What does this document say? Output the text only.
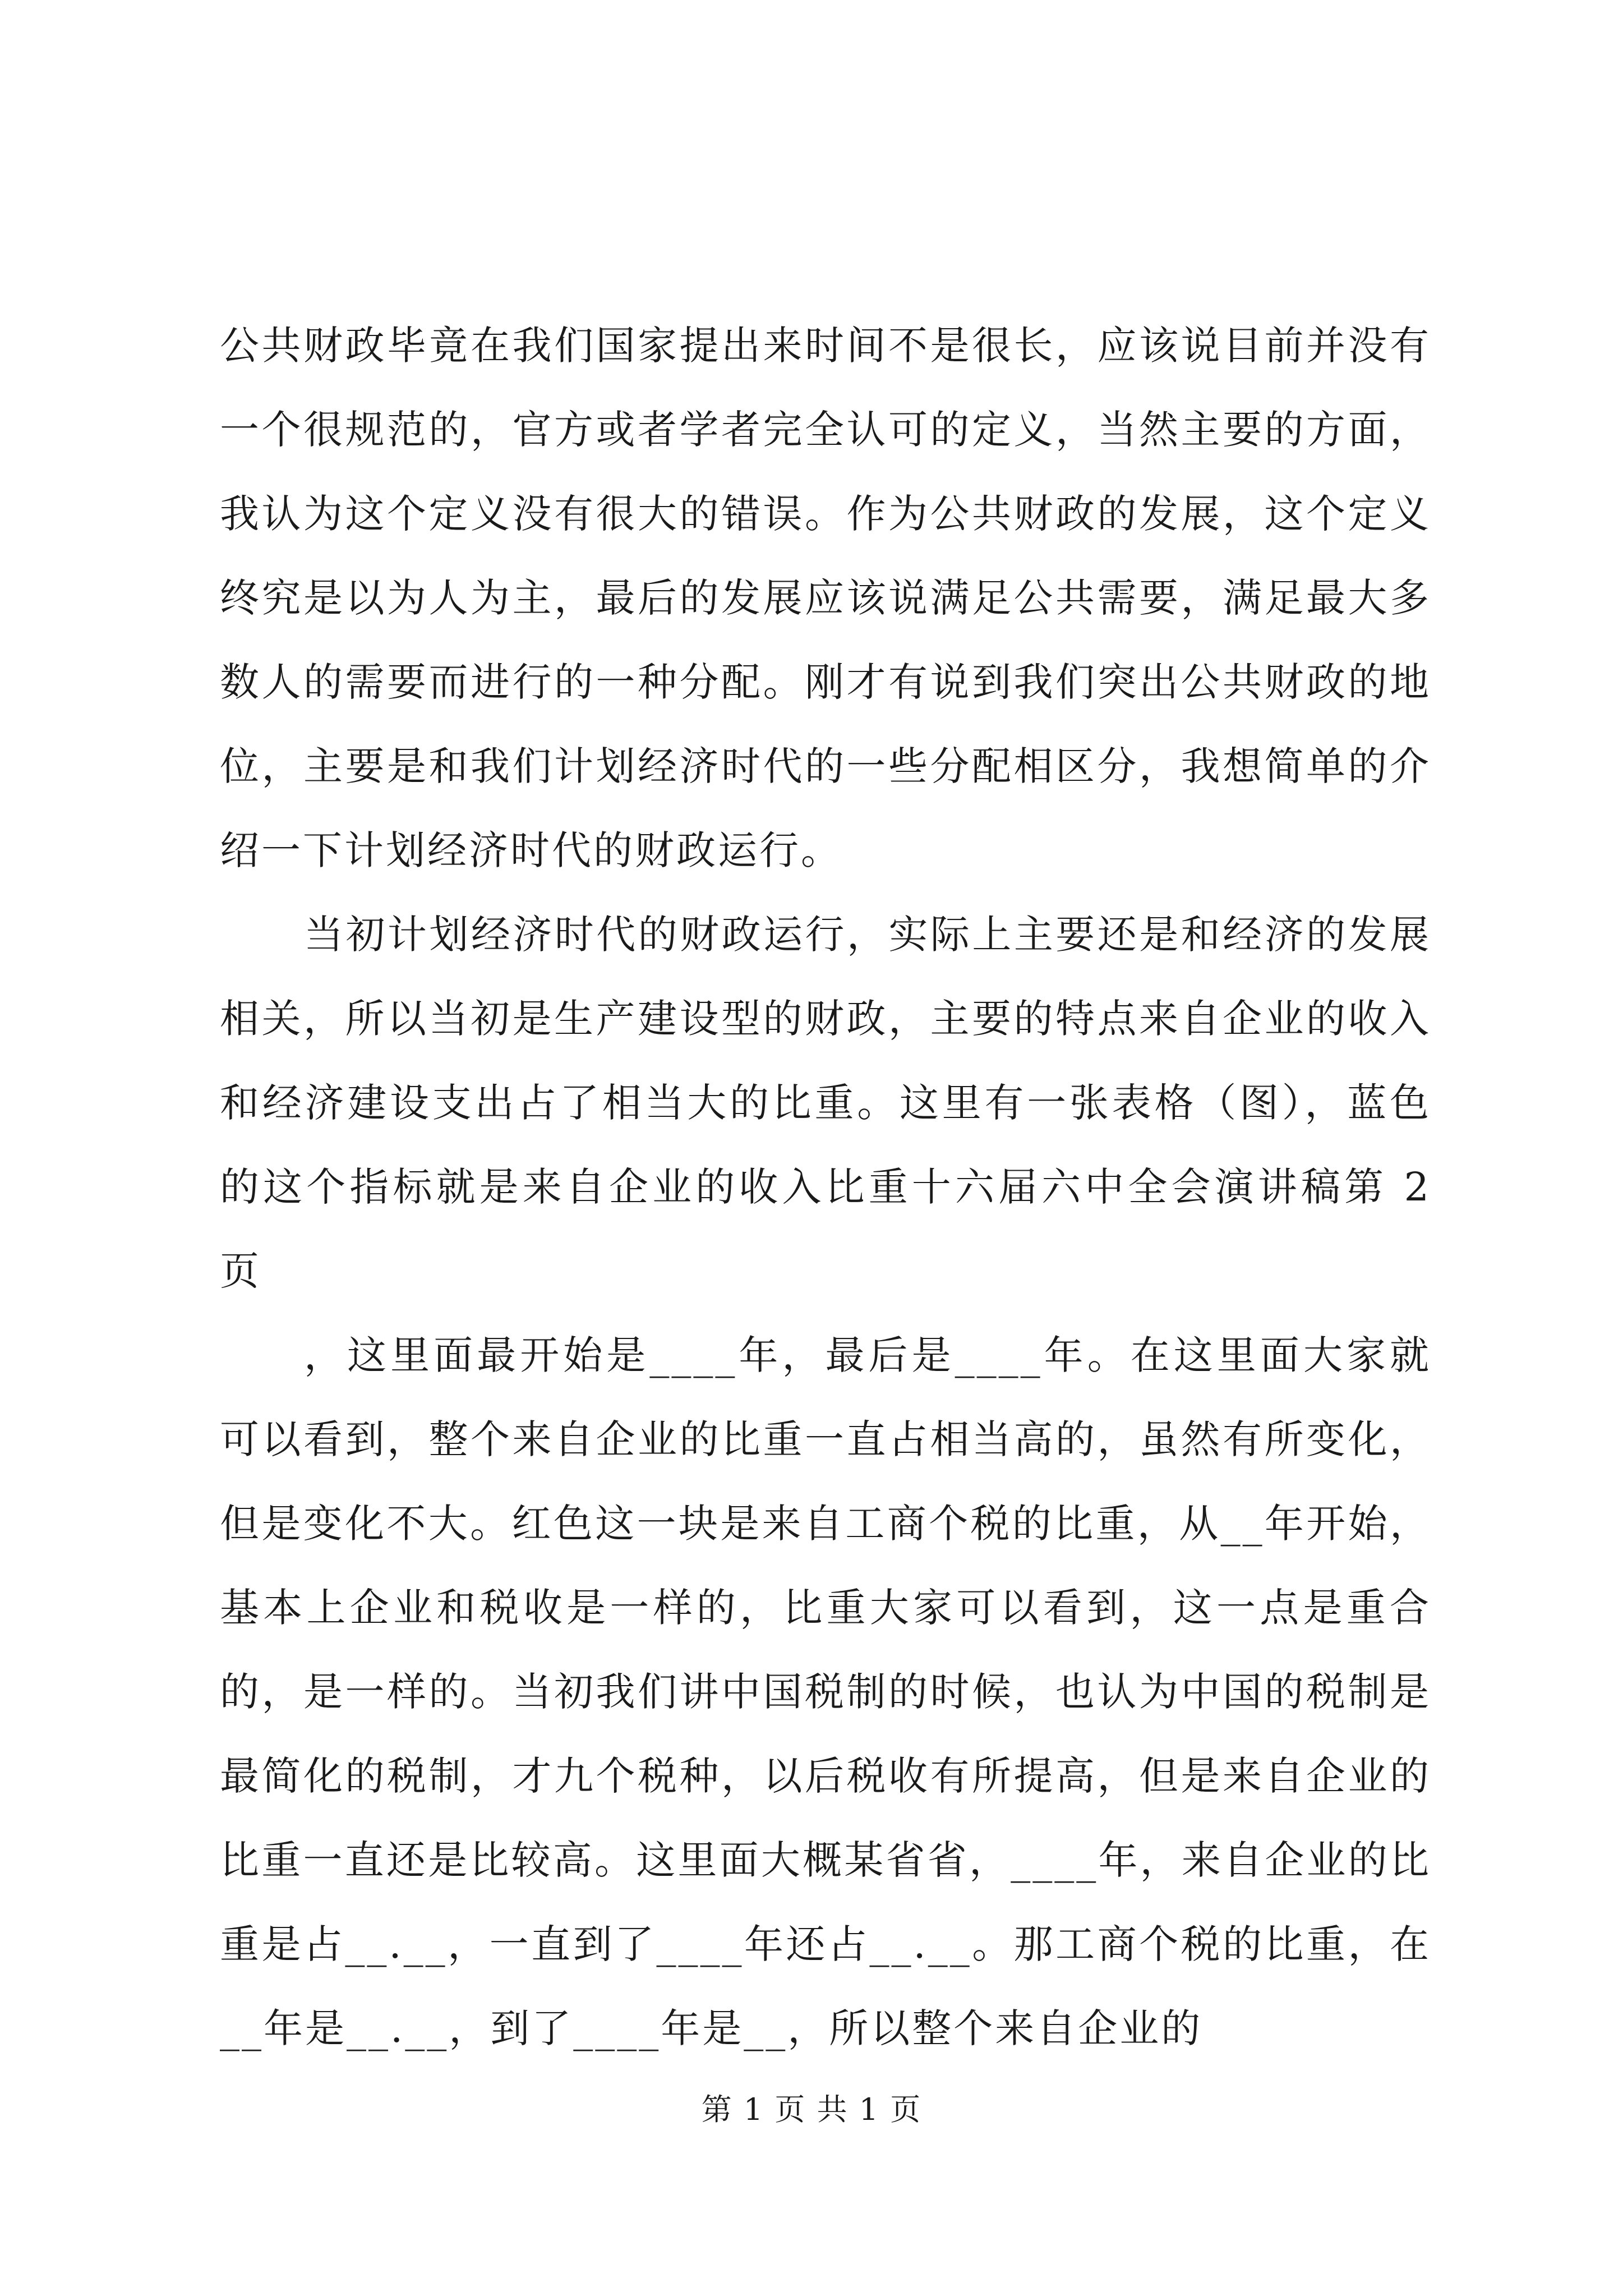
公共财政毕竟在我们国家提出来时间不是很长，应该说目前并没有一个很规范的，官方或者学者完全认可的定义，当然主要的方面，我认为这个定义没有很大的错误。作为公共财政的发展，这个定义终究是以为人为主，最后的发展应该说满足公共需要，满足最大多数人的需要而进行的一种分配。刚才有说到我们突出公共财政的地位，主要是和我们计划经济时代的一些分配相区分，我想简单的介绍一下计划经济时代的财政运行。

当初计划经济时代的财政运行，实际上主要还是和经济的发展相关，所以当初是生产建设型的财政，主要的特点来自企业的收入和经济建设支出占了相当大的比重。这里有一张表格（图），蓝色的这个指标就是来自企业的收入比重十六届六中全会演讲稿第 2 页

，这里面最开始是____年，最后是____年。在这里面大家就可以看到，整个来自企业的比重一直占相当高的，虽然有所变化，但是变化不大。红色这一块是来自工商个税的比重，从__年开始，基本上企业和税收是一样的，比重大家可以看到，这一点是重合的，是一样的。当初我们讲中国税制的时候，也认为中国的税制是最简化的税制，才九个税种，以后税收有所提高，但是来自企业的比重一直还是比较高。这里面大概某省省，____年，来自企业的比重是占__.__，一直到了____年还占__.__。那工商个税的比重，在__年是__.__，到了____年是__，所以整个来自企业的

第 1 页 共 1 页
